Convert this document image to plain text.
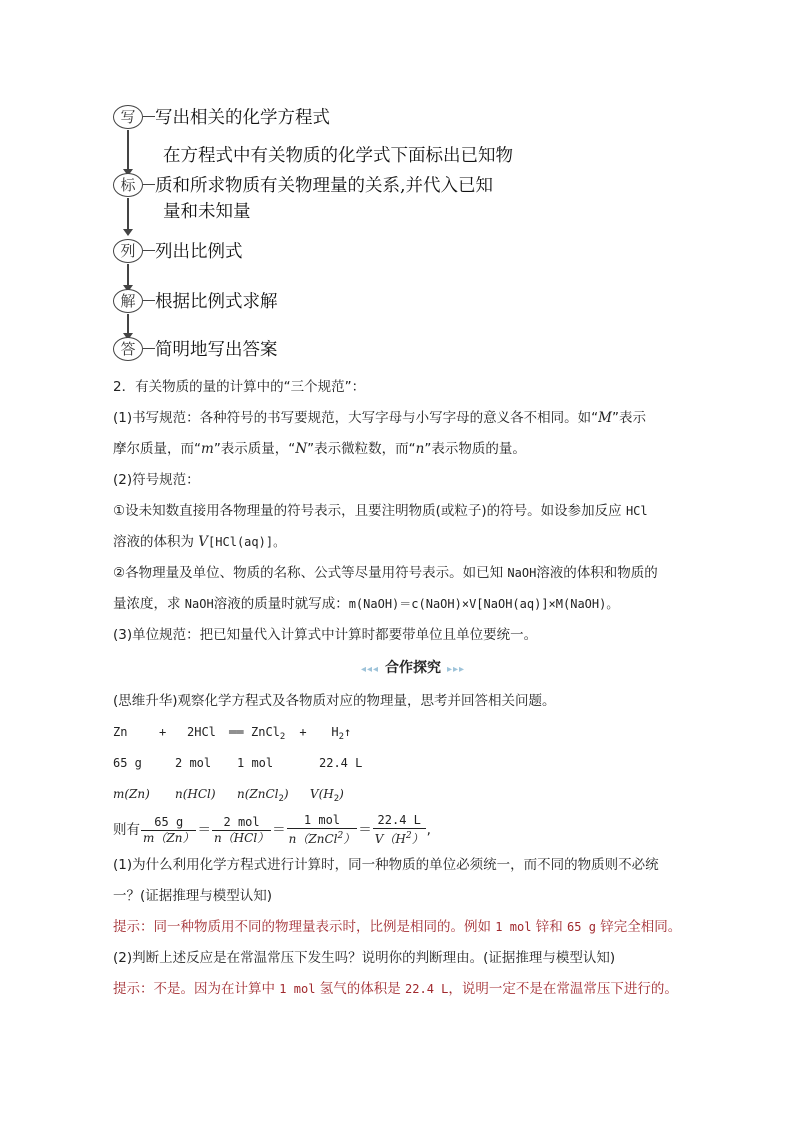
写	写出相关的化学方程式
在方程式中有关物质的化学式下面标出已知物
标	质和所求物质有关物理量的关系,并代入已知
量和未知量
列	列出比例式
解	根据比例式求解
答	简明地写出答案
2．有关物质的量的计算中的“三个规范”：
(1)书写规范：各种符号的书写要规范，大写字母与小写字母的意义各不相同。如“M”表示
摩尔质量，而“m”表示质量，“N”表示微粒数，而“n”表示物质的量。
(2)符号规范：
①设未知数直接用各物理量的符号表示，且要注明物质(或粒子)的符号。如设参加反应 HCl
溶液的体积为 V[HCl(aq)]。
②各物理量及单位、物质的名称、公式等尽量用符号表示。如已知 NaOH溶液的体积和物质的
量浓度，求 NaOH溶液的质量时就写成：m(NaOH)＝c(NaOH)×V[NaOH(aq)]×M(NaOH)。
(3)单位规范：把已知量代入计算式中计算时都要带单位且单位要统一。
◂◂◂ 合作探究 ▸▸▸
(思维升华)观察化学方程式及各物质对应的物理量，思考并回答相关问题。
Zn	+ 2HCl ══ ZnCl2 + H2↑
65 g	2 mol 1 mol	22.4 L
m(Zn) n(HCl) n(ZnCl2) V(H2)
则有 $\frac{65 g}{m(Zn)} = \frac{\text{2 mol}}{\text{n（HCl）}} = \frac{\text{1 mol}}{n(ZnCl^2)} = \frac{22.4 L}{V(H^2)}$ ,
(1)为什么利用化学方程式进行计算时，同一种物质的单位必须统一，而不同的物质则不必统
一？(证据推理与模型认知)
提示：同一种物质用不同的物理量表示时，比例是相同的。例如 1 mol 锌和 65 g 锌完全相同。
(2)判断上述反应是在常温常压下发生吗？说明你的判断理由。(证据推理与模型认知)
提示：不是。因为在计算中 1 mol 氢气的体积是 22.4 L，说明一定不是在常温常压下进行的。
